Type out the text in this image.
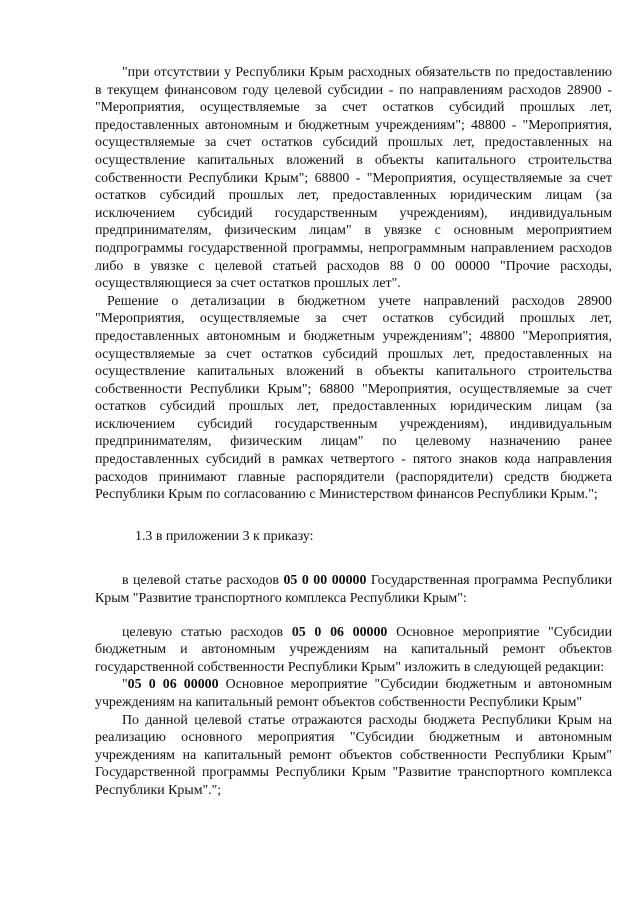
"при отсутствии у Республики Крым расходных обязательств по предоставлению в текущем финансовом году целевой субсидии - по направлениям расходов 28900 - "Мероприятия, осуществляемые за счет остатков субсидий прошлых лет, предоставленных автономным и бюджетным учреждениям"; 48800 - "Мероприятия, осуществляемые за счет остатков субсидий прошлых лет, предоставленных на осуществление капитальных вложений в объекты капитального строительства собственности Республики Крым"; 68800 - "Мероприятия, осуществляемые за счет остатков субсидий прошлых лет, предоставленных юридическим лицам (за исключением субсидий государственным учреждениям), индивидуальным предпринимателям, физическим лицам" в увязке с основным мероприятием подпрограммы государственной программы, непрограммным направлением расходов либо в увязке с целевой статьей расходов 88 0 00 00000 "Прочие расходы, осуществляющиеся за счет остатков прошлых лет".

Решение о детализации в бюджетном учете направлений расходов 28900 "Мероприятия, осуществляемые за счет остатков субсидий прошлых лет, предоставленных автономным и бюджетным учреждениям"; 48800 "Мероприятия, осуществляемые за счет остатков субсидий прошлых лет, предоставленных на осуществление капитальных вложений в объекты капитального строительства собственности Республики Крым"; 68800 "Мероприятия, осуществляемые за счет остатков субсидий прошлых лет, предоставленных юридическим лицам (за исключением субсидий государственным учреждениям), индивидуальным предпринимателям, физическим лицам" по целевому назначению ранее предоставленных субсидий в рамках четвертого - пятого знаков кода направления расходов принимают главные распорядители (распорядители) средств бюджета Республики Крым по согласованию с Министерством финансов Республики Крым.";

1.3 в приложении 3 к приказу:

в целевой статье расходов 05 0 00 00000 Государственная программа Республики Крым "Развитие транспортного комплекса Республики Крым":

целевую статью расходов 05 0 06 00000 Основное мероприятие "Субсидии бюджетным и автономным учреждениям на капитальный ремонт объектов государственной собственности Республики Крым" изложить в следующей редакции:

"05 0 06 00000 Основное мероприятие "Субсидии бюджетным и автономным учреждениям на капитальный ремонт объектов собственности Республики Крым"

По данной целевой статье отражаются расходы бюджета Республики Крым на реализацию основного мероприятия "Субсидии бюджетным и автономным учреждениям на капитальный ремонт объектов собственности Республики Крым" Государственной программы Республики Крым "Развитие транспортного комплекса Республики Крым".";
